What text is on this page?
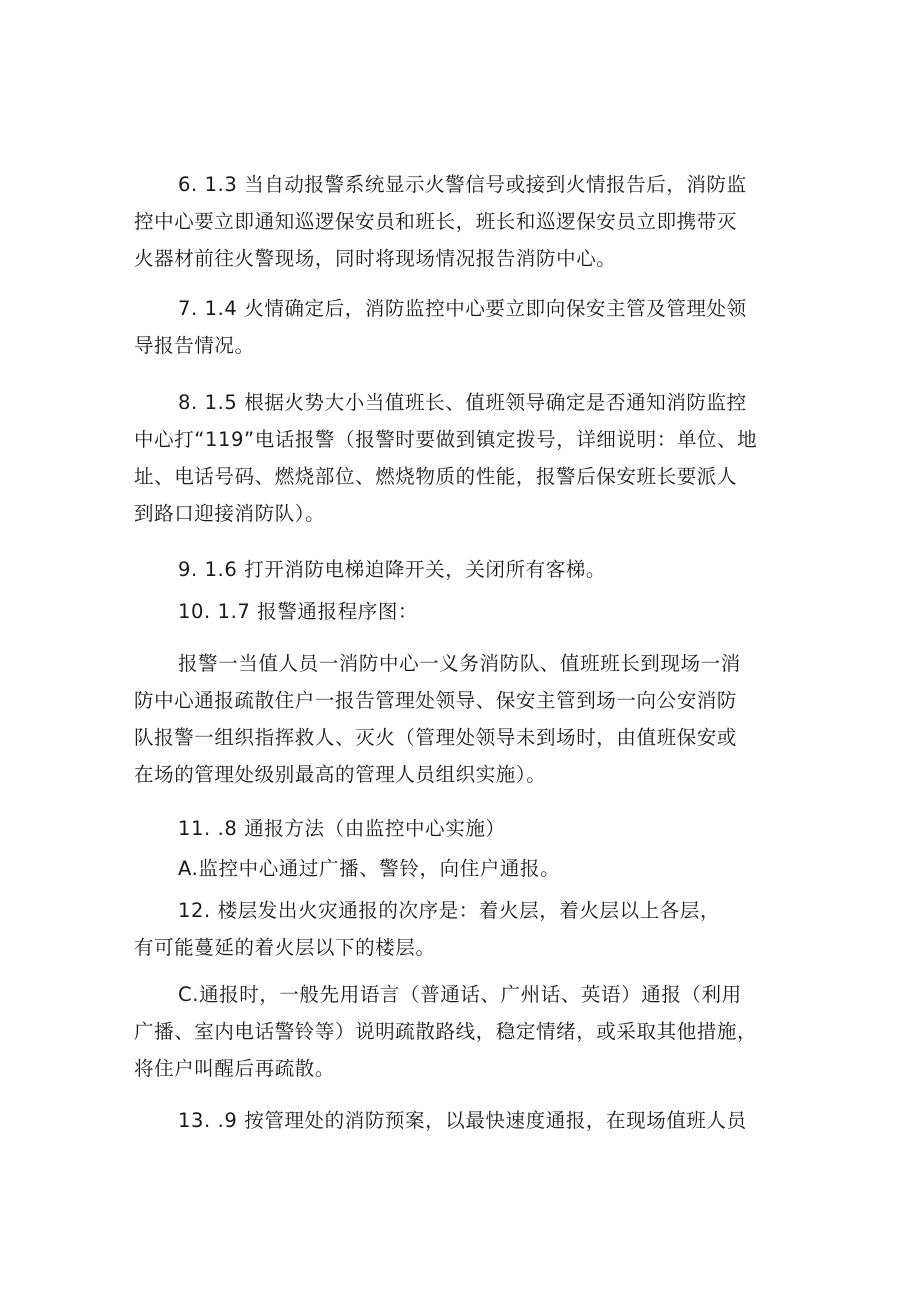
6. 1.3 当自动报警系统显示火警信号或接到火情报告后，消防监
控中心要立即通知巡逻保安员和班长，班长和巡逻保安员立即携带灭
火器材前往火警现场，同时将现场情况报告消防中心。

7. 1.4 火情确定后，消防监控中心要立即向保安主管及管理处领
导报告情况。

8. 1.5 根据火势大小当值班长、值班领导确定是否通知消防监控
中心打“119”电话报警（报警时要做到镇定拨号，详细说明：单位、地
址、电话号码、燃烧部位、燃烧物质的性能，报警后保安班长要派人
到路口迎接消防队）。

9. 1.6 打开消防电梯迫降开关，关闭所有客梯。

10. 1.7 报警通报程序图：

报警一当值人员一消防中心一义务消防队、值班班长到现场一消
防中心通报疏散住户一报告管理处领导、保安主管到场一向公安消防
队报警一组织指挥救人、灭火（管理处领导未到场时，由值班保安或
在场的管理处级别最高的管理人员组织实施）。

11. .8 通报方法（由监控中心实施）

A.监控中心通过广播、警铃，向住户通报。

12. 楼层发出火灾通报的次序是：着火层，着火层以上各层，
有可能蔓延的着火层以下的楼层。

C.通报时，一般先用语言（普通话、广州话、英语）通报（利用
广播、室内电话警铃等）说明疏散路线，稳定情绪，或采取其他措施，
将住户叫醒后再疏散。

13. .9 按管理处的消防预案，以最快速度通报，在现场值班人员
